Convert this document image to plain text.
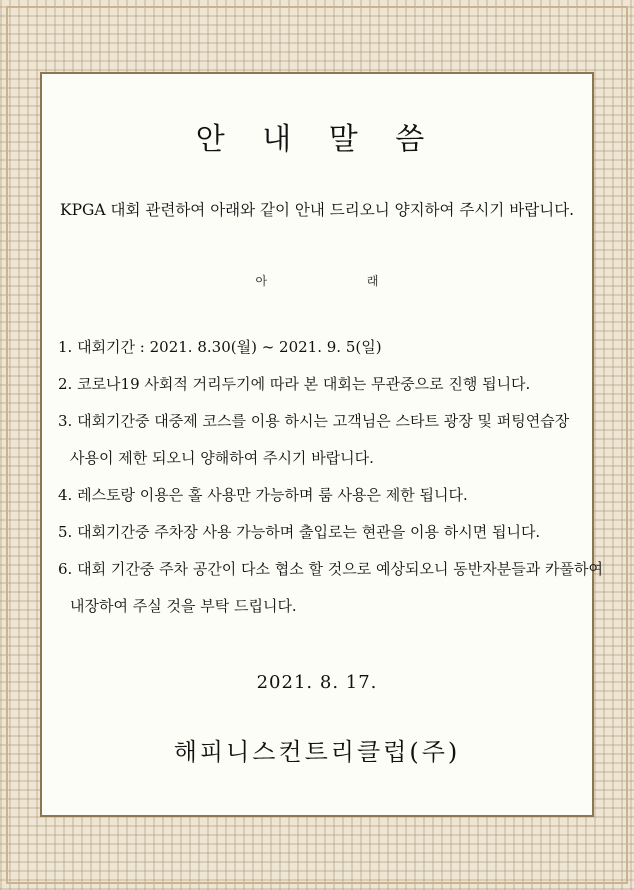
안 내 말 씀
KPGA 대회 관련하여 아래와 같이 안내 드리오니 양지하여 주시기 바랍니다.
아 래
1. 대회기간 : 2021. 8.30(월) ~ 2021. 9. 5(일)
2. 코로나19 사회적 거리두기에 따라 본 대회는 무관중으로 진행 됩니다.
3. 대회기간중 대중제 코스를 이용 하시는 고객님은 스타트 광장 및 퍼팅연습장
사용이 제한 되오니 양해하여 주시기 바랍니다.
4. 레스토랑 이용은 홀 사용만 가능하며 룸 사용은 제한 됩니다.
5. 대회기간중 주차장 사용 가능하며 출입로는 현관을 이용 하시면 됩니다.
6. 대회 기간중 주차 공간이 다소 협소 할 것으로 예상되오니 동반자분들과 카풀하여
내장하여 주실 것을 부탁 드립니다.
2021. 8. 17.
해피니스컨트리클럽(주)
